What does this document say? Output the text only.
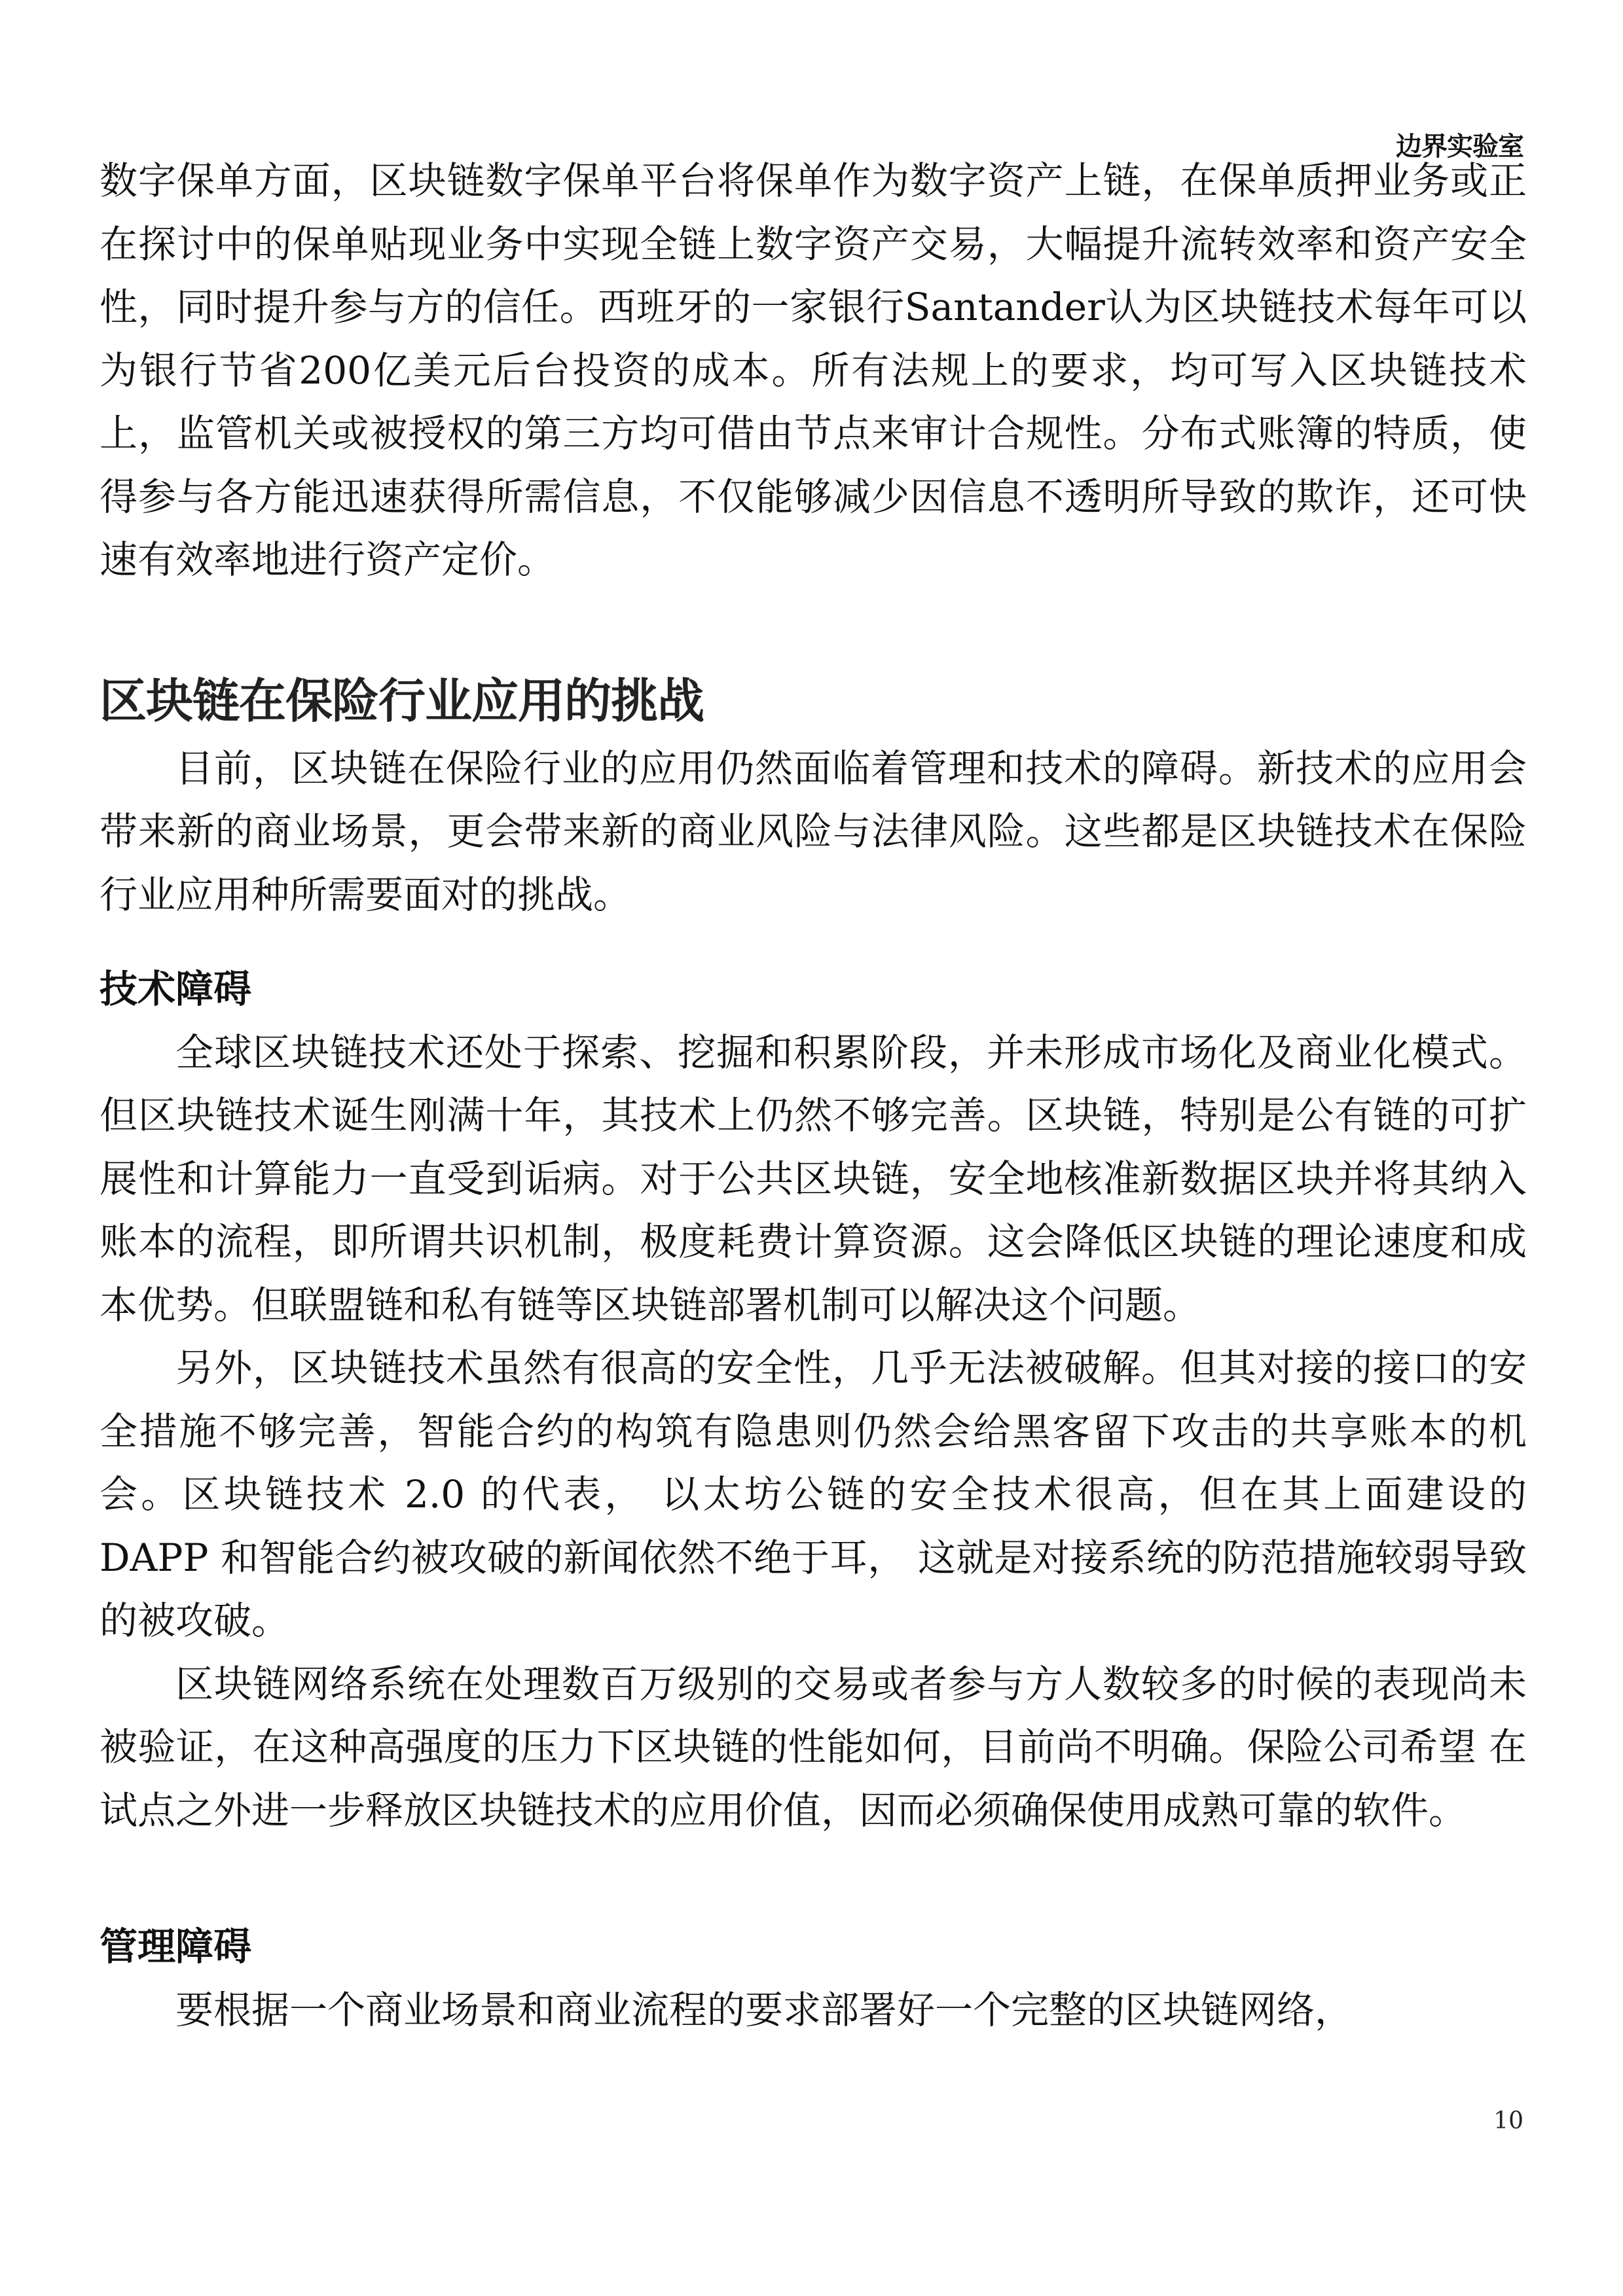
边界实验室

数字保单方面，区块链数字保单平台将保单作为数字资产上链，在保单质押业务或正在探讨中的保单贴现业务中实现全链上数字资产交易，大幅提升流转效率和资产安全性，同时提升参与方的信任。西班牙的一家银行Santander认为区块链技术每年可以为银行节省200亿美元后台投资的成本。所有法规上的要求，均可写入区块链技术上，监管机关或被授权的第三方均可借由节点来审计合规性。分布式账簿的特质，使得参与各方能迅速获得所需信息，不仅能够减少因信息不透明所导致的欺诈，还可快速有效率地进行资产定价。

区块链在保险行业应用的挑战

目前，区块链在保险行业的应用仍然面临着管理和技术的障碍。新技术的应用会带来新的商业场景，更会带来新的商业风险与法律风险。这些都是区块链技术在保险行业应用种所需要面对的挑战。

技术障碍

全球区块链技术还处于探索、挖掘和积累阶段，并未形成市场化及商业化模式。但区块链技术诞生刚满十年，其技术上仍然不够完善。区块链，特别是公有链的可扩展性和计算能力一直受到诟病。对于公共区块链，安全地核准新数据区块并将其纳入账本的流程，即所谓共识机制，极度耗费计算资源。这会降低区块链的理论速度和成本优势。但联盟链和私有链等区块链部署机制可以解决这个问题。

另外，区块链技术虽然有很高的安全性，几乎无法被破解。但其对接的接口的安全措施不够完善，智能合约的构筑有隐患则仍然会给黑客留下攻击的共享账本的机会。区块链技术 2.0 的代表， 以太坊公链的安全技术很高，但在其上面建设的 DAPP 和智能合约被攻破的新闻依然不绝于耳， 这就是对接系统的防范措施较弱导致的被攻破。

区块链网络系统在处理数百万级别的交易或者参与方人数较多的时候的表现尚未被验证，在这种高强度的压力下区块链的性能如何，目前尚不明确。保险公司希望 在试点之外进一步释放区块链技术的应用价值，因而必须确保使用成熟可靠的软件。

管理障碍

要根据一个商业场景和商业流程的要求部署好一个完整的区块链网络，

10
